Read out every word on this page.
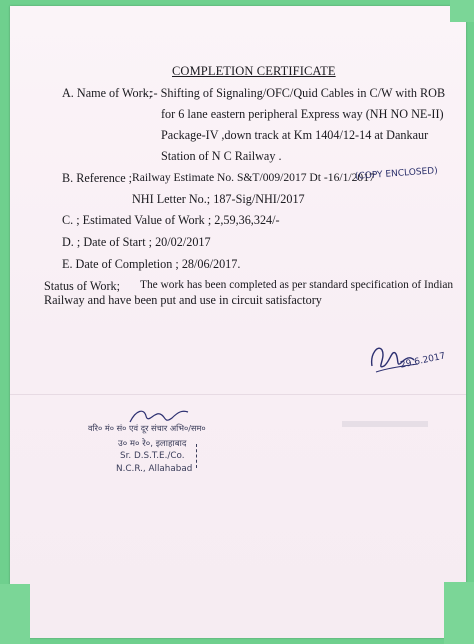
COMPLETION CERTIFICATE
A. Name of Work;
- :- Shifting of Signaling/OFC/Quid Cables in C/W with ROB
for 6 lane eastern peripheral Express way (NH NO NE-II)
Package-IV ,down track at Km 1404/12-14 at Dankaur
Station of N C Railway .
B. Reference ; Railway Estimate No. S&T/009/2017 Dt -16/1/2017
(COPY ENCLOSED)
NHI Letter No.; 187-Sig/NHI/2017
C. ; Estimated Value of Work ; 2,59,36,324/-
D. ; Date of Start ; 20/02/2017
E. Date of Completion ; 28/06/2017.
Status of Work; The work has been completed as per standard specification of Indian
Railway and have been put and use in circuit satisfactory
29.6.2017
वरि० मं० सं० एवं दूर संचार अभि०/सम०
उ० म० रे०, इलाहाबाद
Sr. D.S.T.E./Co.
N.C.R., Allahabad
